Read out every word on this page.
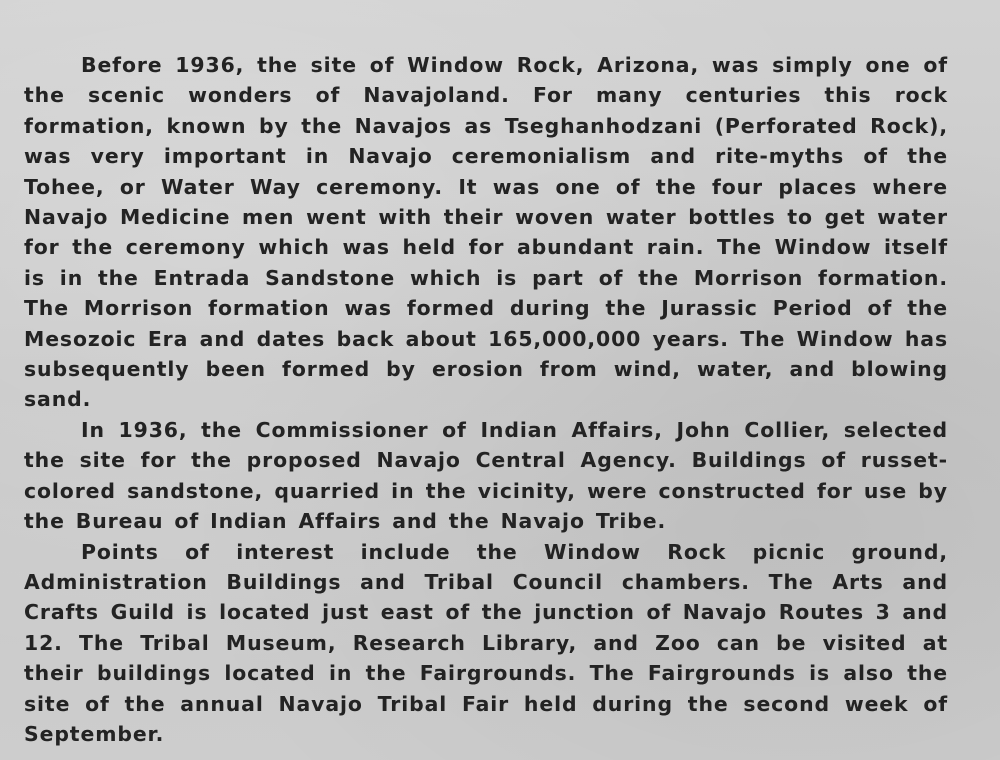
Before 1936, the site of Window Rock, Arizona, was simply one of the scenic wonders of Navajoland. For many centuries this rock formation, known by the Navajos as Tseghanhodzani (Perforated Rock), was very important in Navajo ceremonialism and rite-myths of the Tohee, or Water Way ceremony. It was one of the four places where Navajo Medicine men went with their woven water bottles to get water for the ceremony which was held for abundant rain. The Window itself is in the Entrada Sandstone which is part of the Morrison formation. The Morrison formation was formed during the Jurassic Period of the Mesozoic Era and dates back about 165,000,000 years. The Window has subsequently been formed by erosion from wind, water, and blowing sand.

In 1936, the Commissioner of Indian Affairs, John Collier, selected the site for the proposed Navajo Central Agency. Buildings of russet-colored sandstone, quarried in the vicinity, were constructed for use by the Bureau of Indian Affairs and the Navajo Tribe.

Points of interest include the Window Rock picnic ground, Administration Buildings and Tribal Council chambers. The Arts and Crafts Guild is located just east of the junction of Navajo Routes 3 and 12. The Tribal Museum, Research Library, and Zoo can be visited at their buildings located in the Fairgrounds. The Fairgrounds is also the site of the annual Navajo Tribal Fair held during the second week of September.
